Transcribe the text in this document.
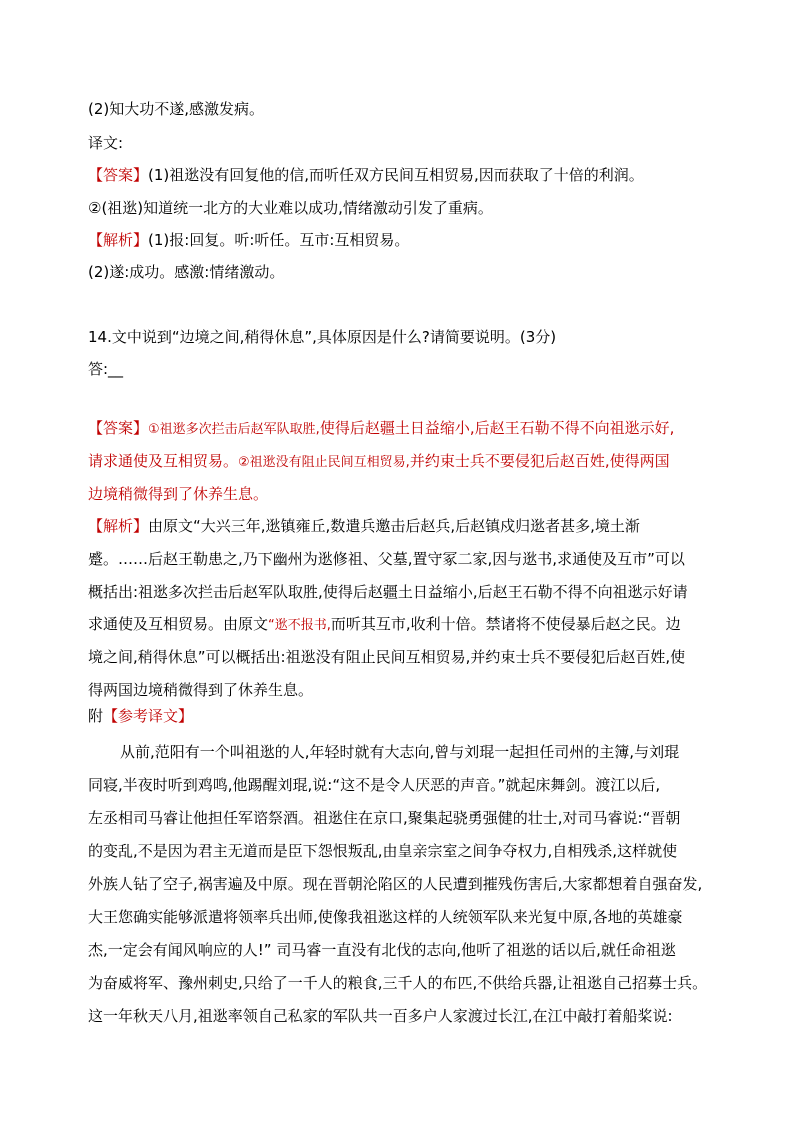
(2)知大功不遂,感激发病。
译文:
【答案】(1)祖逖没有回复他的信,而听任双方民间互相贸易,因而获取了十倍的利润。
②(祖逖)知道统一北方的大业难以成功,情绪激动引发了重病。
【解析】(1)报:回复。听:听任。互市:互相贸易。
(2)遂:成功。感激:情绪激动。
14.文中说到“边境之间,稍得休息”,具体原因是什么?请简要说明。(3分)
答:__
【答案】①祖逖多次拦击后赵军队取胜,使得后赵疆土日益缩小,后赵王石勒不得不向祖逖示好,
请求通使及互相贸易。②祖逖没有阻止民间互相贸易,并约束士兵不要侵犯后赵百姓,使得两国
边境稍微得到了休养生息。
【解析】由原文“大兴三年,逖镇雍丘,数遣兵邀击后赵兵,后赵镇戍归逖者甚多,境土渐
蹙。……后赵王勒患之,乃下幽州为逖修祖、父墓,置守冢二家,因与逖书,求通使及互市”可以
概括出:祖逖多次拦击后赵军队取胜,使得后赵疆土日益缩小,后赵王石勒不得不向祖逖示好请
求通使及互相贸易。由原文“逖不报书,而听其互市,收利十倍。禁诸将不使侵暴后赵之民。边
境之间,稍得休息”可以概括出:祖逖没有阻止民间互相贸易,并约束士兵不要侵犯后赵百姓,使
得两国边境稍微得到了休养生息。
附【参考译文】
从前,范阳有一个叫祖逖的人,年轻时就有大志向,曾与刘琨一起担任司州的主簿,与刘琨
同寝,半夜时听到鸡鸣,他踢醒刘琨,说:“这不是令人厌恶的声音。”就起床舞剑。渡江以后,
左丞相司马睿让他担任军谘祭酒。祖逖住在京口,聚集起骁勇强健的壮士,对司马睿说:“晋朝
的变乱,不是因为君主无道而是臣下怨恨叛乱,由皇亲宗室之间争夺权力,自相残杀,这样就使
外族人钻了空子,祸害遍及中原。现在晋朝沦陷区的人民遭到摧残伤害后,大家都想着自强奋发,
大王您确实能够派遣将领率兵出师,使像我祖逖这样的人统领军队来光复中原,各地的英雄豪
杰,一定会有闻风响应的人!” 司马睿一直没有北伐的志向,他听了祖逖的话以后,就任命祖逖
为奋威将军、豫州刺史,只给了一千人的粮食,三千人的布匹,不供给兵器,让祖逖自己招募士兵。
这一年秋天八月,祖逖率领自己私家的军队共一百多户人家渡过长江,在江中敲打着船桨说:
